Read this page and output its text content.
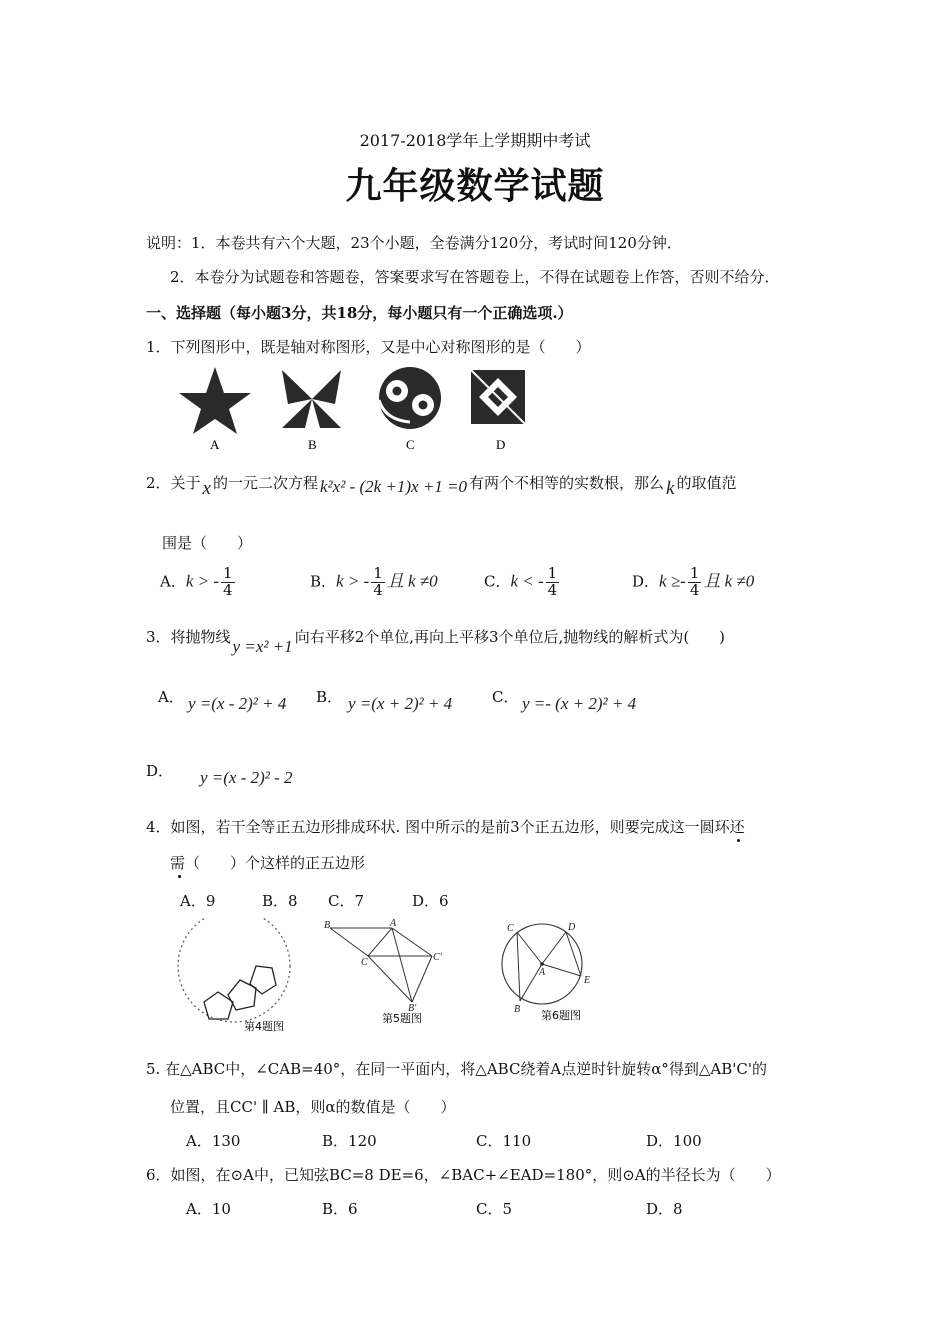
2017-2018学年上学期期中考试
九年级数学试题
说明：1．本卷共有六个大题，23个小题，全卷满分120分，考试时间120分钟．
2．本卷分为试题卷和答题卷，答案要求写在答题卷上，不得在试题卷上作答，否则不给分．
一、选择题（每小题3分，共18分，每小题只有一个正确选项.）
1．下列图形中，既是轴对称图形，又是中心对称图形的是（　　）
A	B	C	D
2．关于 x 的一元二次方程 k²x² - (2k +1)x +1 =0 有两个不相等的实数根，那么 k 的取值范
围是（　　）
A．k > - $\frac{1}{4}$	B．k > - $\frac{1}{4}$ 且 k ≠0	C．k < - $\frac{1}{4}$	D．$k \ge- \frac{1}{4}$ 且 k ≠0
3．将抛物线 y =x² +1 向右平移2个单位,再向上平移3个单位后,抛物线的解析式为(　　)
A． y =(x - 2)² + 4 B． y =(x + 2)² + 4	C． y =- (x + 2)² + 4
D． y =(x - 2)² - 2
4．如图，若干全等正五边形排成环状. 图中所示的是前3个正五边形，则要完成这一圆环还
需（　　）个这样的正五边形
A．9	B．8 C．7	D．6
第4题图
B	A
C	C'
B'
第5题图
C	D
A
E
B 第6题图
5. 在△ABC中，∠CAB=40°，在同一平面内，将△ABC绕着A点逆时针旋转α°得到△AB'C'的
位置，且CC' ∥ AB，则α的数值是（　　）
A．130	B．120	C．110	D．100
6．如图，在⊙A中，已知弦BC=8 DE=6，∠BAC+∠EAD=180°，则⊙A的半径长为（　　）
A．10	B．6	C．5	D．8
